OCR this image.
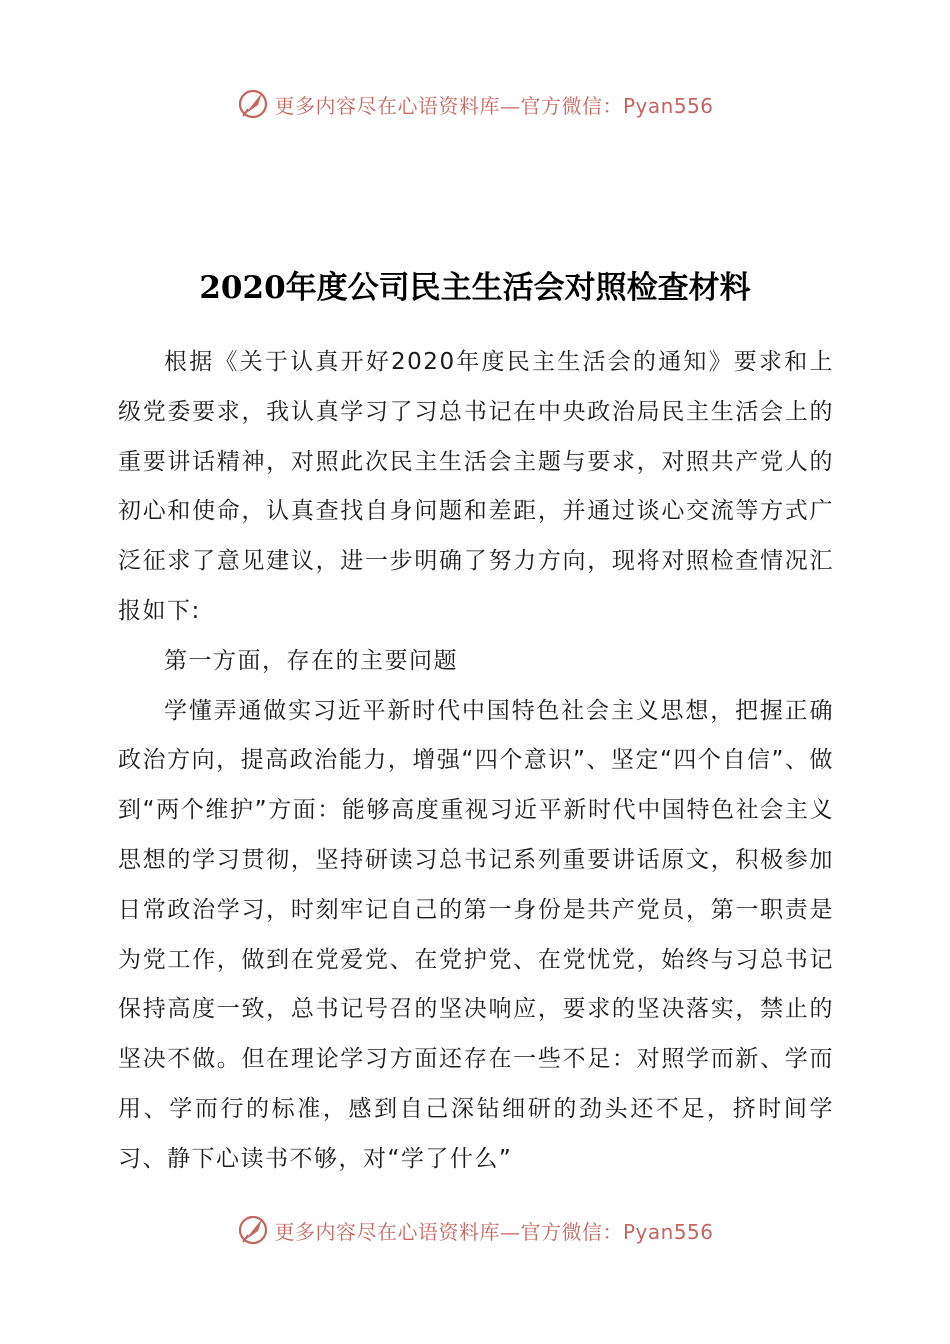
更多内容尽在心语资料库—官方微信：Pyan556
2020年度公司民主生活会对照检查材料

根据《关于认真开好2020年度民主生活会的通知》要求和上级党委要求，我认真学习了习总书记在中央政治局民主生活会上的重要讲话精神，对照此次民主生活会主题与要求，对照共产党人的初心和使命，认真查找自身问题和差距，并通过谈心交流等方式广泛征求了意见建议，进一步明确了努力方向，现将对照检查情况汇报如下:

第一方面，存在的主要问题

学懂弄通做实习近平新时代中国特色社会主义思想，把握正确政治方向，提高政治能力，增强“四个意识”、坚定“四个自信”、做到“两个维护”方面：能够高度重视习近平新时代中国特色社会主义思想的学习贯彻，坚持研读习总书记系列重要讲话原文，积极参加日常政治学习，时刻牢记自己的第一身份是共产党员，第一职责是为党工作，做到在党爱党、在党护党、在党忧党，始终与习总书记保持高度一致，总书记号召的坚决响应，要求的坚决落实，禁止的坚决不做。但在理论学习方面还存在一些不足：对照学而新、学而用、学而行的标准，感到自己深钻细研的劲头还不足，挤时间学习、静下心读书不够，对“学了什么”

更多内容尽在心语资料库—官方微信：Pyan556
